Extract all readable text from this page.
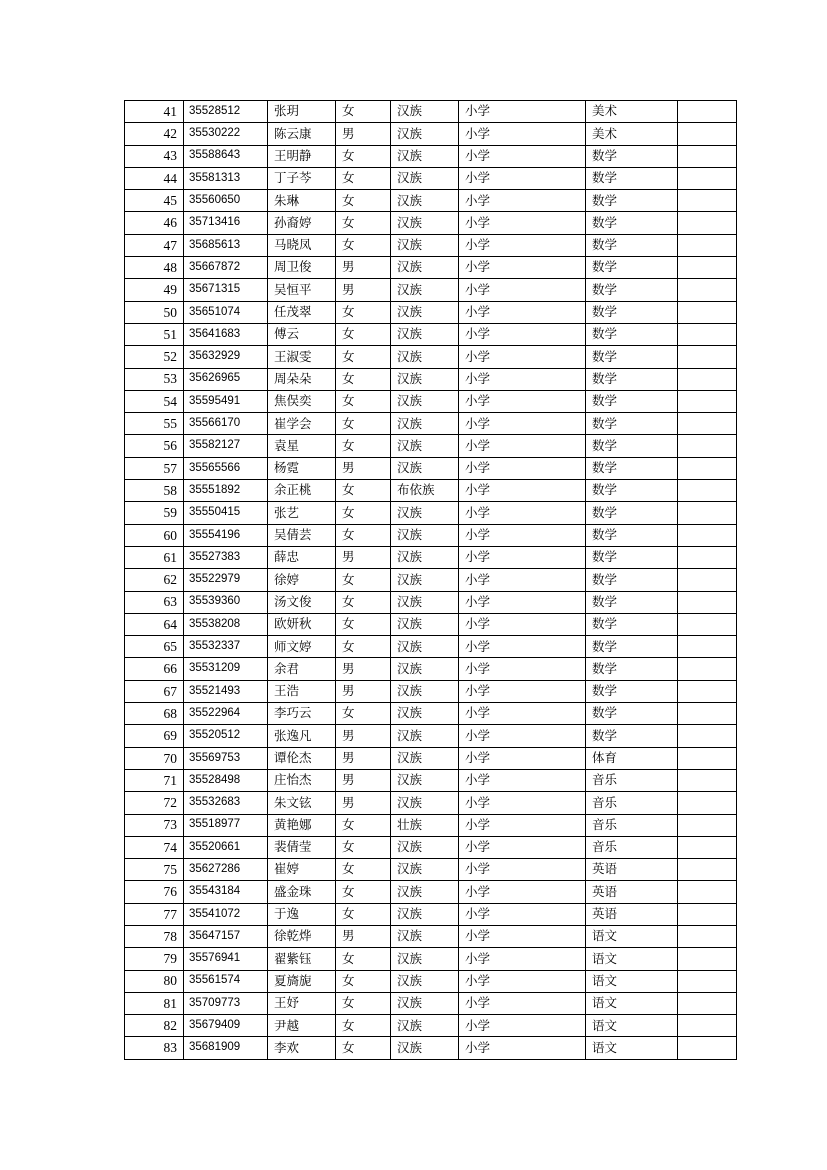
41	35528512	张玥	女	汉族	小学	美术	
42	35530222	陈云康	男	汉族	小学	美术	
43	35588643	王明静	女	汉族	小学	数学	
44	35581313	丁子芩	女	汉族	小学	数学	
45	35560650	朱琳	女	汉族	小学	数学	
46	35713416	孙裔婷	女	汉族	小学	数学	
47	35685613	马晓凤	女	汉族	小学	数学	
48	35667872	周卫俊	男	汉族	小学	数学	
49	35671315	吴恒平	男	汉族	小学	数学	
50	35651074	任茂翠	女	汉族	小学	数学	
51	35641683	傅云	女	汉族	小学	数学	
52	35632929	王淑雯	女	汉族	小学	数学	
53	35626965	周朵朵	女	汉族	小学	数学	
54	35595491	焦俣奕	女	汉族	小学	数学	
55	35566170	崔学会	女	汉族	小学	数学	
56	35582127	袁星	女	汉族	小学	数学	
57	35565566	杨霓	男	汉族	小学	数学	
58	35551892	余正桃	女	布依族	小学	数学	
59	35550415	张艺	女	汉族	小学	数学	
60	35554196	吴倩芸	女	汉族	小学	数学	
61	35527383	薛忠	男	汉族	小学	数学	
62	35522979	徐婷	女	汉族	小学	数学	
63	35539360	汤文俊	女	汉族	小学	数学	
64	35538208	欧妍秋	女	汉族	小学	数学	
65	35532337	师文婷	女	汉族	小学	数学	
66	35531209	余君	男	汉族	小学	数学	
67	35521493	王浩	男	汉族	小学	数学	
68	35522964	李巧云	女	汉族	小学	数学	
69	35520512	张逸凡	男	汉族	小学	数学	
70	35569753	谭伦杰	男	汉族	小学	体育	
71	35528498	庄怡杰	男	汉族	小学	音乐	
72	35532683	朱文铉	男	汉族	小学	音乐	
73	35518977	黄艳娜	女	壮族	小学	音乐	
74	35520661	裴倩莹	女	汉族	小学	音乐	
75	35627286	崔婷	女	汉族	小学	英语	
76	35543184	盛金珠	女	汉族	小学	英语	
77	35541072	于逸	女	汉族	小学	英语	
78	35647157	徐乾烨	男	汉族	小学	语文	
79	35576941	翟紫钰	女	汉族	小学	语文	
80	35561574	夏旖旎	女	汉族	小学	语文	
81	35709773	王妤	女	汉族	小学	语文	
82	35679409	尹越	女	汉族	小学	语文	
83	35681909	李欢	女	汉族	小学	语文	
